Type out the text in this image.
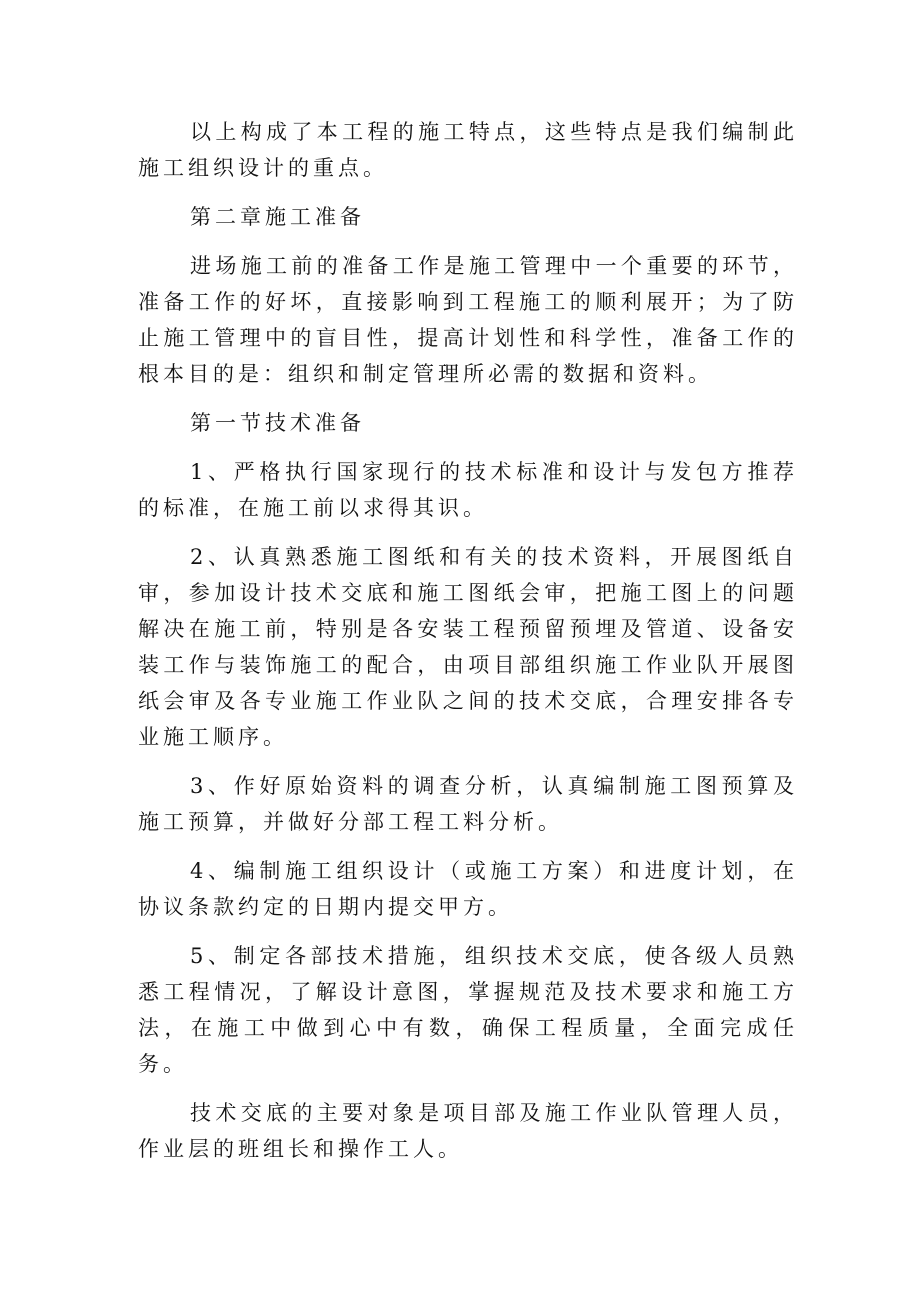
以上构成了本工程的施工特点，这些特点是我们编制此施工组织设计的重点。

第二章施工准备

进场施工前的准备工作是施工管理中一个重要的环节，准备工作的好坏，直接影响到工程施工的顺利展开；为了防止施工管理中的盲目性，提高计划性和科学性，准备工作的根本目的是：组织和制定管理所必需的数据和资料。

第一节技术准备

1、严格执行国家现行的技术标准和设计与发包方推荐的标准，在施工前以求得其识。

2、认真熟悉施工图纸和有关的技术资料，开展图纸自审，参加设计技术交底和施工图纸会审，把施工图上的问题解决在施工前，特别是各安装工程预留预埋及管道、设备安装工作与装饰施工的配合，由项目部组织施工作业队开展图纸会审及各专业施工作业队之间的技术交底，合理安排各专业施工顺序。

3、作好原始资料的调查分析，认真编制施工图预算及施工预算，并做好分部工程工料分析。

4、编制施工组织设计（或施工方案）和进度计划，在协议条款约定的日期内提交甲方。

5、制定各部技术措施，组织技术交底，使各级人员熟悉工程情况，了解设计意图，掌握规范及技术要求和施工方法，在施工中做到心中有数，确保工程质量，全面完成任务。

技术交底的主要对象是项目部及施工作业队管理人员，作业层的班组长和操作工人。
